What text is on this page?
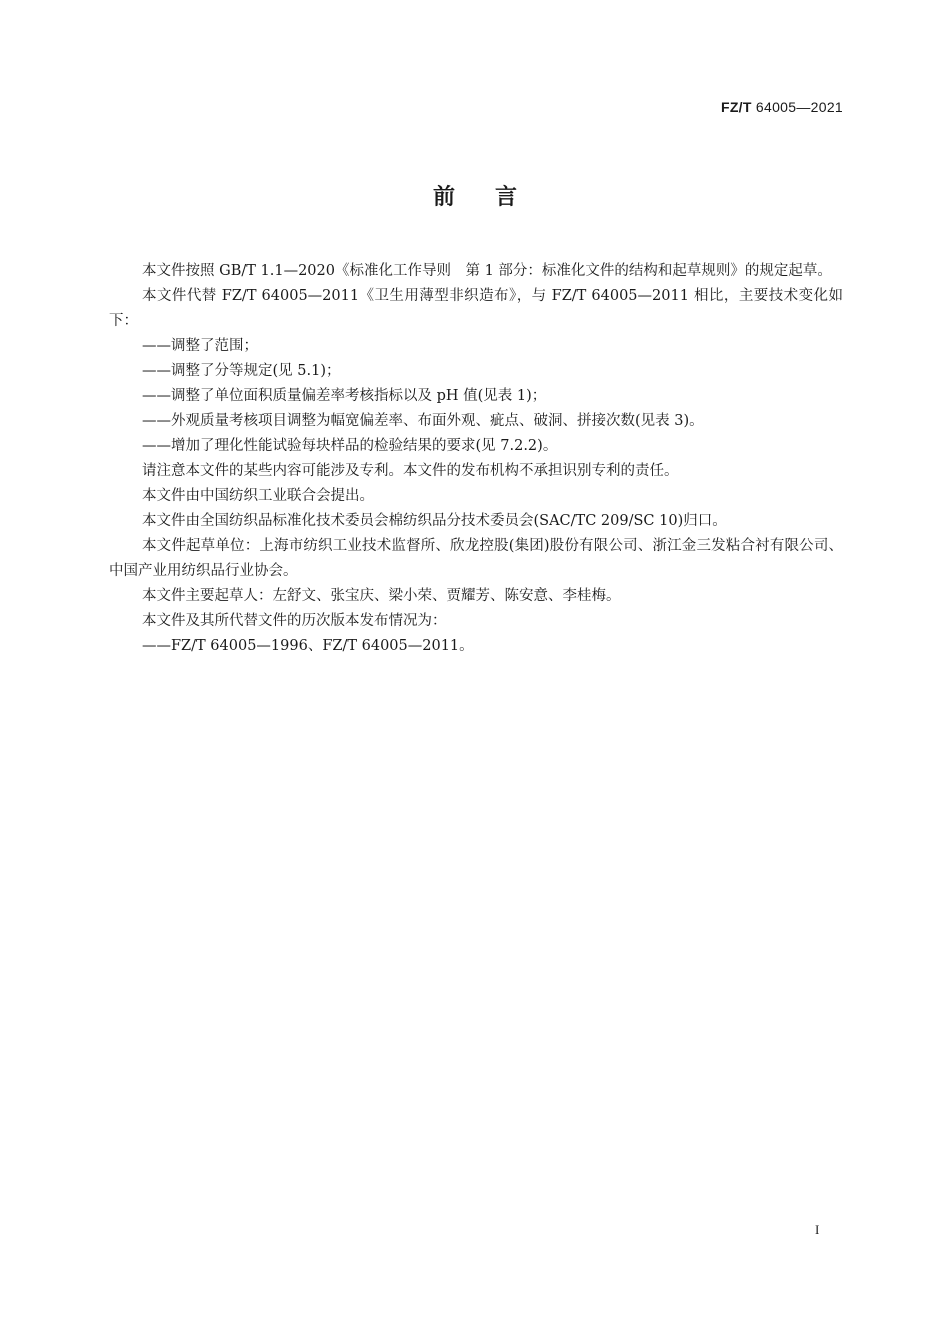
FZ/T 64005—2021
前言

本文件按照 GB/T 1.1—2020《标准化工作导则　第 1 部分：标准化文件的结构和起草规则》的规定起草。

本文件代替 FZ/T 64005—2011《卫生用薄型非织造布》，与 FZ/T 64005—2011 相比，主要技术变化如下：

——调整了范围；

——调整了分等规定(见 5.1)；

——调整了单位面积质量偏差率考核指标以及 pH 值(见表 1)；

——外观质量考核项目调整为幅宽偏差率、布面外观、疵点、破洞、拼接次数(见表 3)。

——增加了理化性能试验每块样品的检验结果的要求(见 7.2.2)。

请注意本文件的某些内容可能涉及专利。本文件的发布机构不承担识别专利的责任。

本文件由中国纺织工业联合会提出。

本文件由全国纺织品标准化技术委员会棉纺织品分技术委员会(SAC/TC 209/SC 10)归口。

本文件起草单位：上海市纺织工业技术监督所、欣龙控股(集团)股份有限公司、浙江金三发粘合衬有限公司、中国产业用纺织品行业协会。

本文件主要起草人：左舒文、张宝庆、梁小荣、贾耀芳、陈安意、李桂梅。

本文件及其所代替文件的历次版本发布情况为：

——FZ/T 64005—1996、FZ/T 64005—2011。

I
